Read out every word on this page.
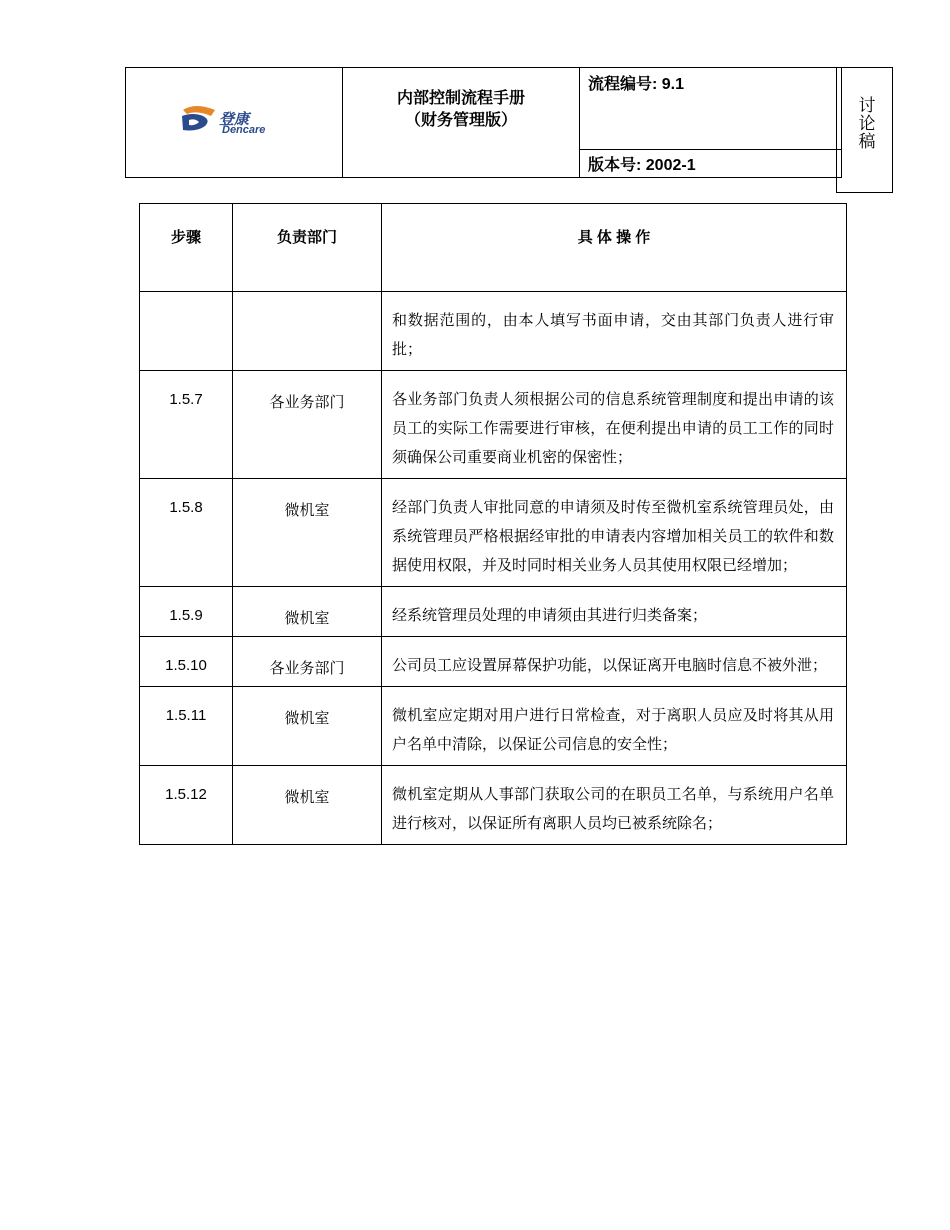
登康
Dencare

内部控制流程手册
（财务管理版）
	流程编号: 9.1
版本号: 2002-1
讨论稿
步骤	负责部门	具 体 操 作
		和数据范围的，由本人填写书面申请，交由其部门负责人进行审批；
1.5.7	各业务部门	各业务部门负责人须根据公司的信息系统管理制度和提出申请的该员工的实际工作需要进行审核，在便利提出申请的员工工作的同时须确保公司重要商业机密的保密性；
1.5.8	微机室	经部门负责人审批同意的申请须及时传至微机室系统管理员处，由系统管理员严格根据经审批的申请表内容增加相关员工的软件和数据使用权限，并及时同时相关业务人员其使用权限已经增加；
1.5.9	微机室	经系统管理员处理的申请须由其进行归类备案；
1.5.10	各业务部门	公司员工应设置屏幕保护功能，以保证离开电脑时信息不被外泄；
1.5.11	微机室	微机室应定期对用户进行日常检查，对于离职人员应及时将其从用户名单中清除，以保证公司信息的安全性；
1.5.12	微机室	微机室定期从人事部门获取公司的在职员工名单，与系统用户名单进行核对，以保证所有离职人员均已被系统除名；
